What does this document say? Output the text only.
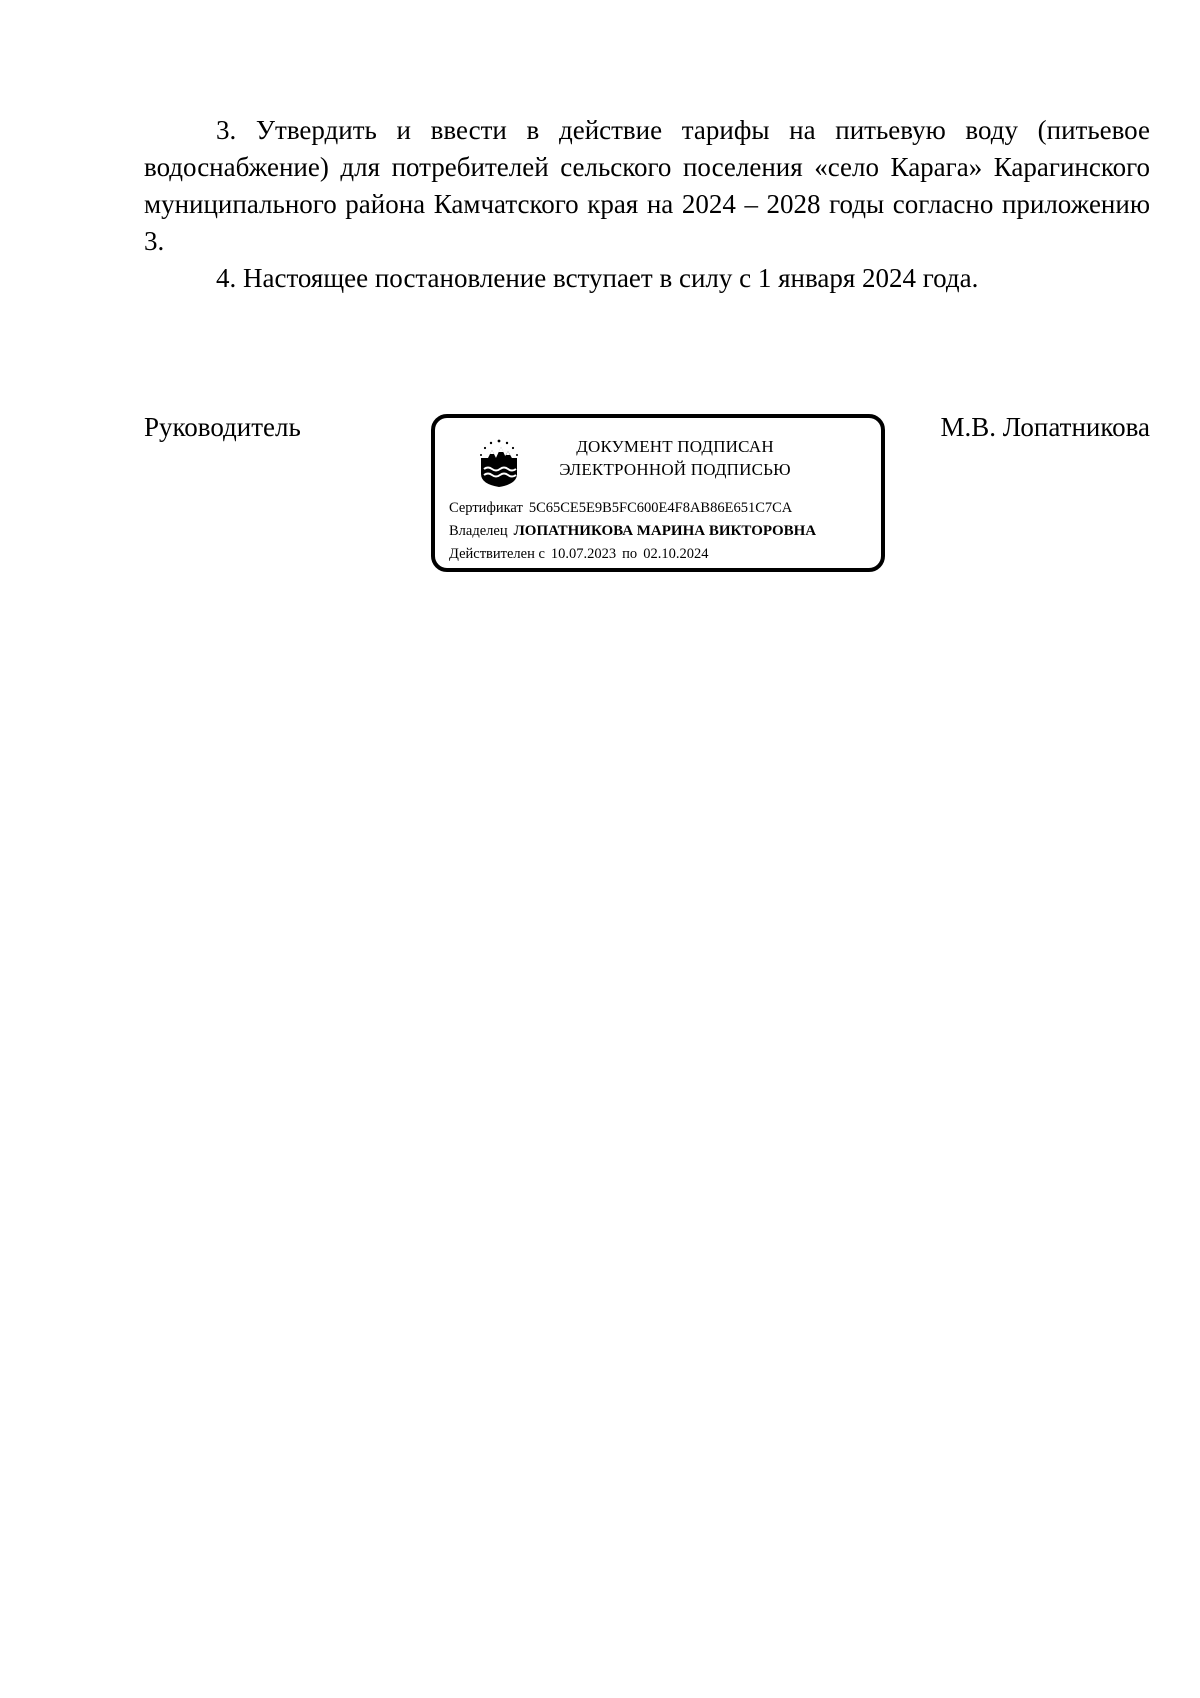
3. Утвердить и ввести в действие тарифы на питьевую воду (питьевое водоснабжение) для потребителей сельского поселения «село Карага» Карагинского муниципального района Камчатского края на 2024 – 2028 годы согласно приложению 3.

4. Настоящее постановление вступает в силу с 1 января 2024 года.

Руководитель	М.В. Лопатникова
ДОКУМЕНТ ПОДПИСАН
ЭЛЕКТРОННОЙ ПОДПИСЬЮ
Сертификат 5C65CE5E9B5FC600E4F8AB86E651C7CA
Владелец ЛОПАТНИКОВА МАРИНА ВИКТОРОВНА
Действителен с 10.07.2023 по 02.10.2024
